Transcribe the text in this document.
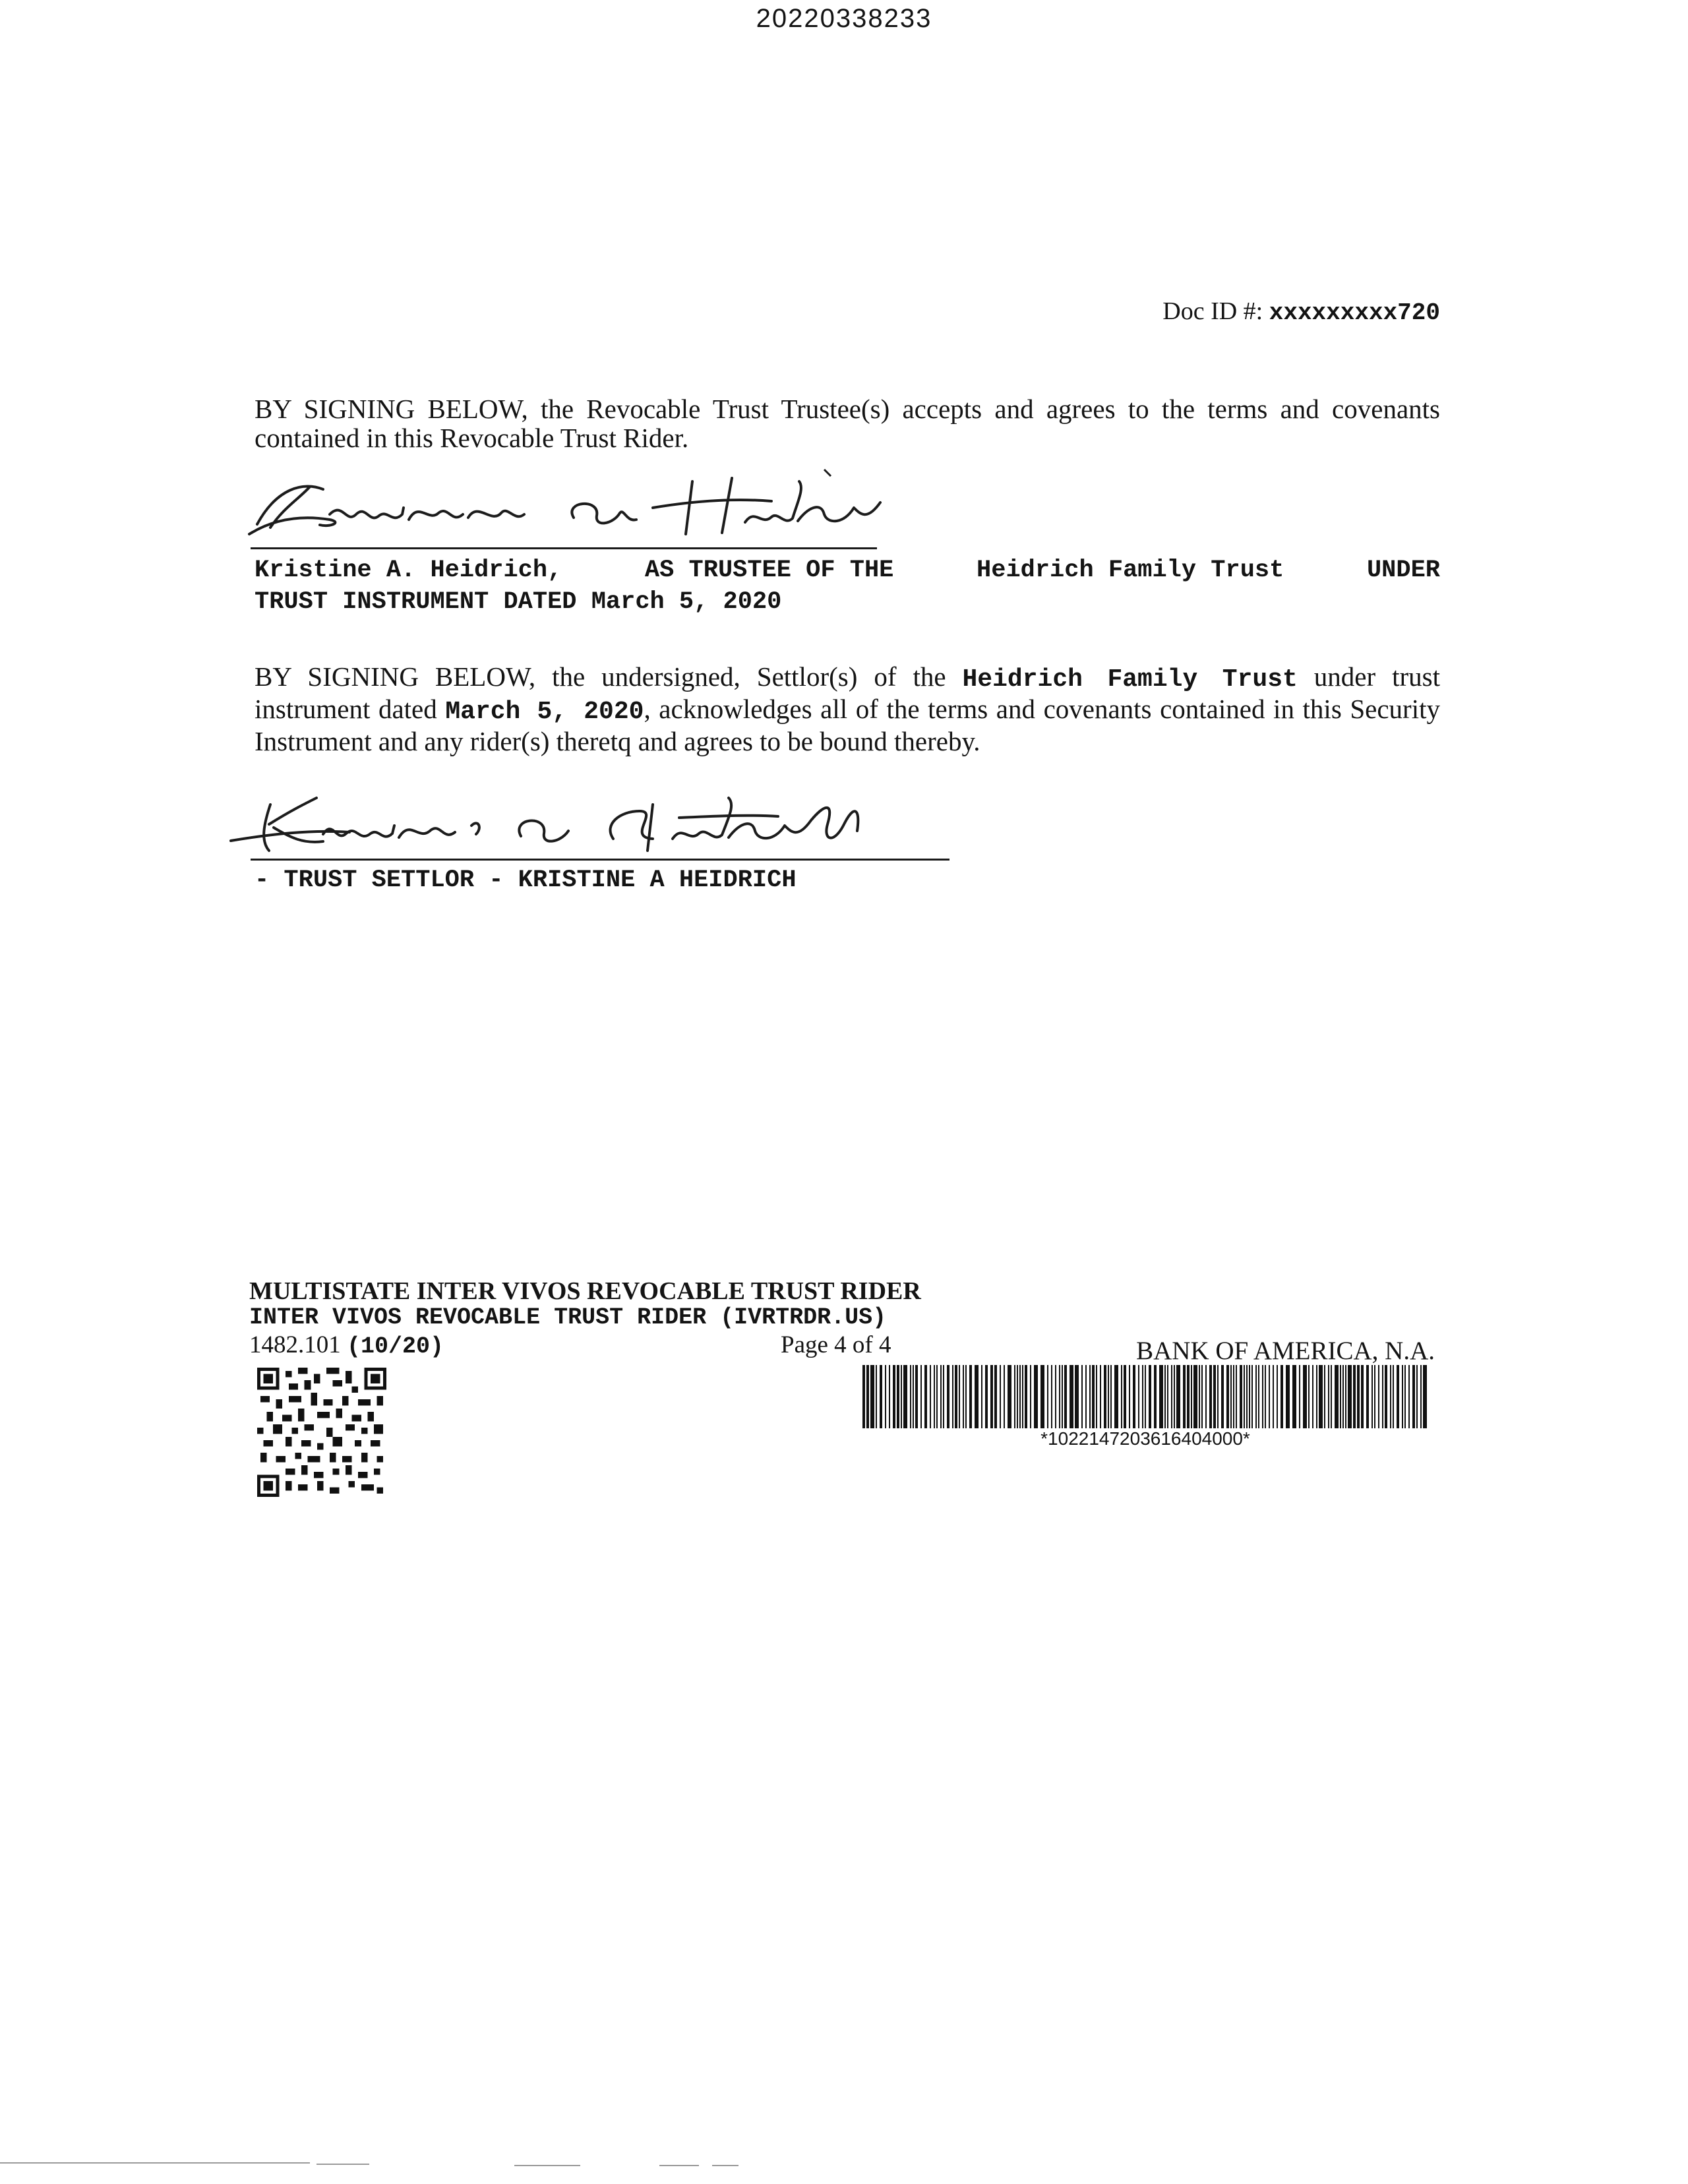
20220338233
Doc ID #: xxxxxxxxx720
BY SIGNING BELOW, the Revocable Trust Trustee(s) accepts and agrees to the terms and covenants contained in this Revocable Trust Rider.
Kristine A. Heidrich,	AS TRUSTEE OF THE	Heidrich Family Trust	UNDER
TRUST INSTRUMENT DATED March 5, 2020
BY SIGNING BELOW, the undersigned, Settlor(s) of the Heidrich Family Trust under trust instrument dated March 5, 2020, acknowledges all of the terms and covenants contained in this Security Instrument and any rider(s) theretq and agrees to be bound thereby.
- TRUST SETTLOR - KRISTINE A HEIDRICH
MULTISTATE INTER VIVOS REVOCABLE TRUST RIDER
INTER VIVOS REVOCABLE TRUST RIDER (IVRTRDR.US)
1482.101 (10/20)	Page 4 of 4	BANK OF AMERICA, N.A.
*1022147203616404000*
